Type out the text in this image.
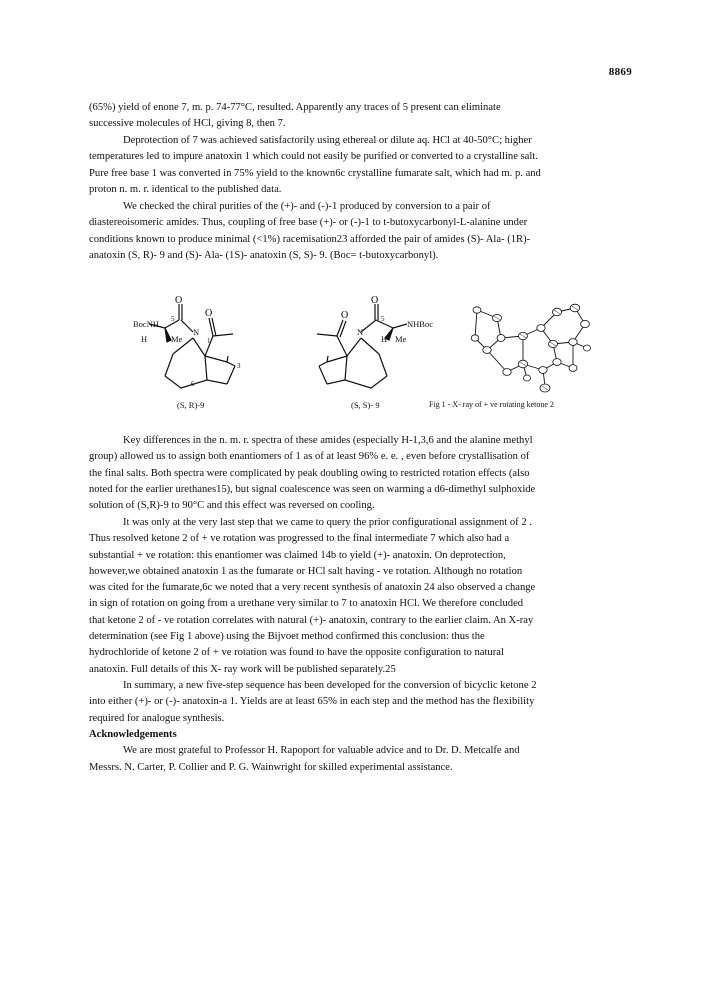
8869
(65%) yield of enone 7, m. p. 74-77°C, resulted. Apparently any traces of 5 present can eliminate
successive molecules of HCl, giving 8, then 7.
Deprotection of 7 was achieved satisfactorily using ethereal or dilute aq. HCl at 40-50°C; higher
temperatures led to impure anatoxin 1 which could not easily be purified or converted to a crystalline salt.
Pure free base 1 was converted in 75% yield to the known6c crystalline fumarate salt, which had m. p. and
proton n. m. r. identical to the published data.
We checked the chiral purities of the (+)- and (-)-1 produced by conversion to a pair of
diastereoisomeric amides. Thus, coupling of free base (+)- or (-)-1 to t-butoxycarbonyl-L-alanine under
conditions known to produce minimal (<1%) racemisation23 afforded the pair of amides (S)- Ala- (1R)-
anatoxin (S, R)- 9 and (S)- Ala- (1S)- anatoxin (S, S)- 9. (Boc= t-butoxycarbonyl).
O
O
BocNH 5
N
H	Me	1
3
6
(S, R)-9
O
O
N
5	NHBoc
H Me
(S, S)- 9	Fig 1 - X- ray of + ve rotating ketone 2
Key differences in the n. m. r. spectra of these amides (especially H-1,3,6 and the alanine methyl
group) allowed us to assign both enantiomers of 1 as of at least 96% e. e. , even before crystallisation of
the final salts. Both spectra were complicated by peak doubling owing to restricted rotation effects (also
noted for the earlier urethanes15), but signal coalescence was seen on warming a d6-dimethyl sulphoxide
solution of (S,R)-9 to 90°C and this effect was reversed on cooling.
It was only at the very last step that we came to query the prior configurational assignment of 2 .
Thus resolved ketone 2 of + ve rotation was progressed to the final intermediate 7 which also had a
substantial + ve rotation: this enantiomer was claimed 14b to yield (+)- anatoxin. On deprotection,
however,we obtained anatoxin 1 as the fumarate or HCl salt having - ve rotation. Although no rotation
was cited for the fumarate,6c we noted that a very recent synthesis of anatoxin 24 also observed a change
in sign of rotation on going from a urethane very similar to 7 to anatoxin HCl. We therefore concluded
that ketone 2 of - ve rotation correlates with natural (+)- anatoxin, contrary to the earlier claim. An X-ray
determination (see Fig 1 above) using the Bijvoet method confirmed this conclusion: thus the
hydrochloride of ketone 2 of + ve rotation was found to have the opposite configuration to natural
anatoxin. Full details of this X- ray work will be published separately.25
In summary, a new five-step sequence has been developed for the conversion of bicyclic ketone 2
into either (+)- or (-)- anatoxin-a 1. Yields are at least 65% in each step and the method has the flexibility
required for analogue synthesis.
Acknowledgements
We are most grateful to Professor H. Rapoport for valuable advice and to Dr. D. Metcalfe and
Messrs. N. Carter, P. Collier and P. G. Wainwright for skilled experimental assistance.
